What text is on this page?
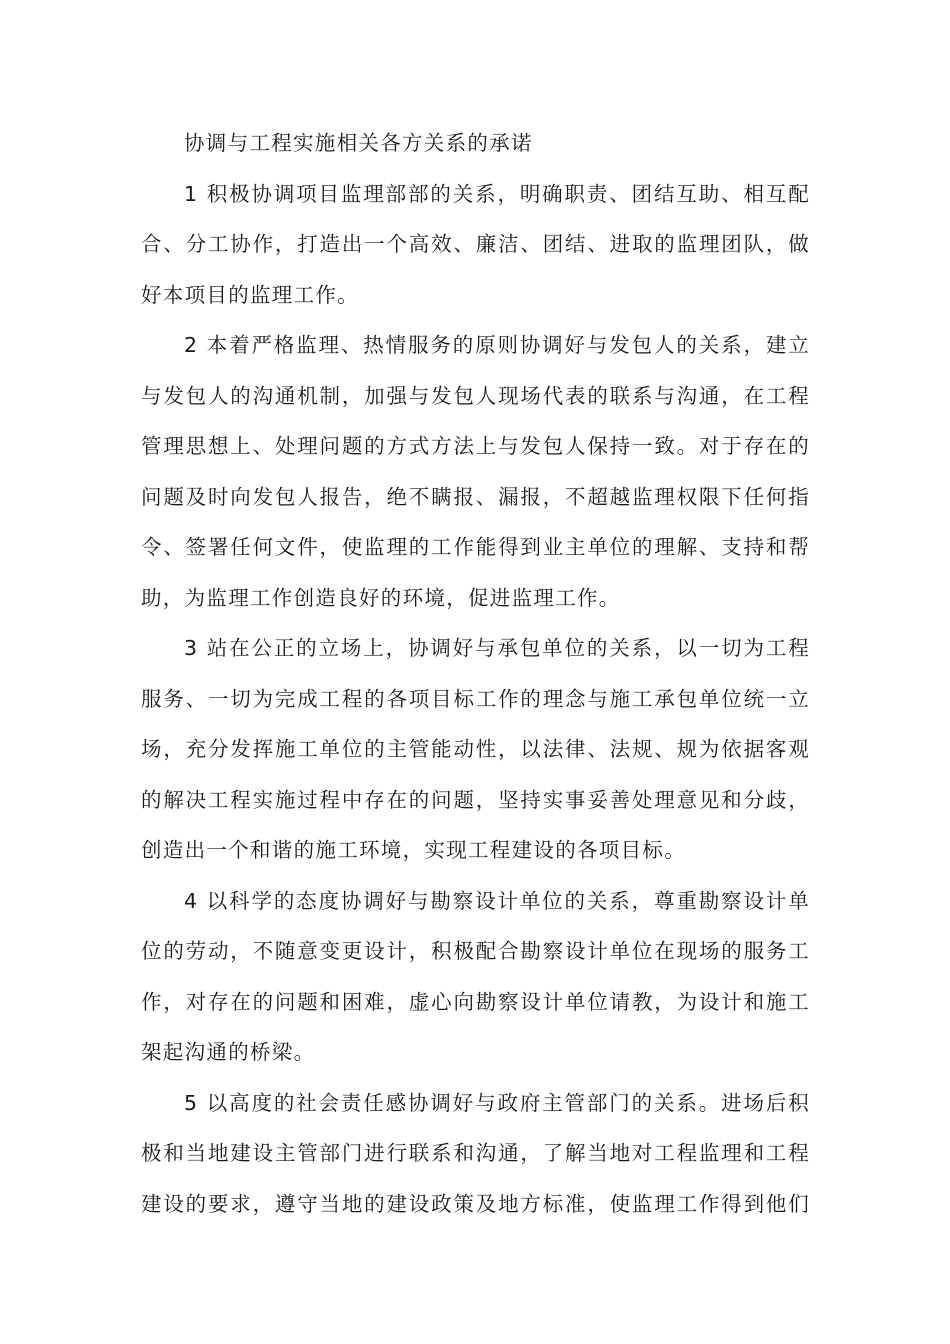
协调与工程实施相关各方关系的承诺
1 积极协调项目监理部部的关系，明确职责、团结互助、相互配
合、分工协作，打造出一个高效、廉洁、团结、进取的监理团队，做
好本项目的监理工作。
2 本着严格监理、热情服务的原则协调好与发包人的关系，建立
与发包人的沟通机制，加强与发包人现场代表的联系与沟通，在工程
管理思想上、处理问题的方式方法上与发包人保持一致。对于存在的
问题及时向发包人报告，绝不瞒报、漏报，不超越监理权限下任何指
令、签署任何文件，使监理的工作能得到业主单位的理解、支持和帮
助，为监理工作创造良好的环境，促进监理工作。
3 站在公正的立场上，协调好与承包单位的关系，以一切为工程
服务、一切为完成工程的各项目标工作的理念与施工承包单位统一立
场，充分发挥施工单位的主管能动性，以法律、法规、规为依据客观
的解决工程实施过程中存在的问题，坚持实事妥善处理意见和分歧，
创造出一个和谐的施工环境，实现工程建设的各项目标。
4 以科学的态度协调好与勘察设计单位的关系，尊重勘察设计单
位的劳动，不随意变更设计，积极配合勘察设计单位在现场的服务工
作，对存在的问题和困难，虚心向勘察设计单位请教，为设计和施工
架起沟通的桥梁。
5 以高度的社会责任感协调好与政府主管部门的关系。进场后积
极和当地建设主管部门进行联系和沟通，了解当地对工程监理和工程
建设的要求，遵守当地的建设政策及地方标准，使监理工作得到他们
